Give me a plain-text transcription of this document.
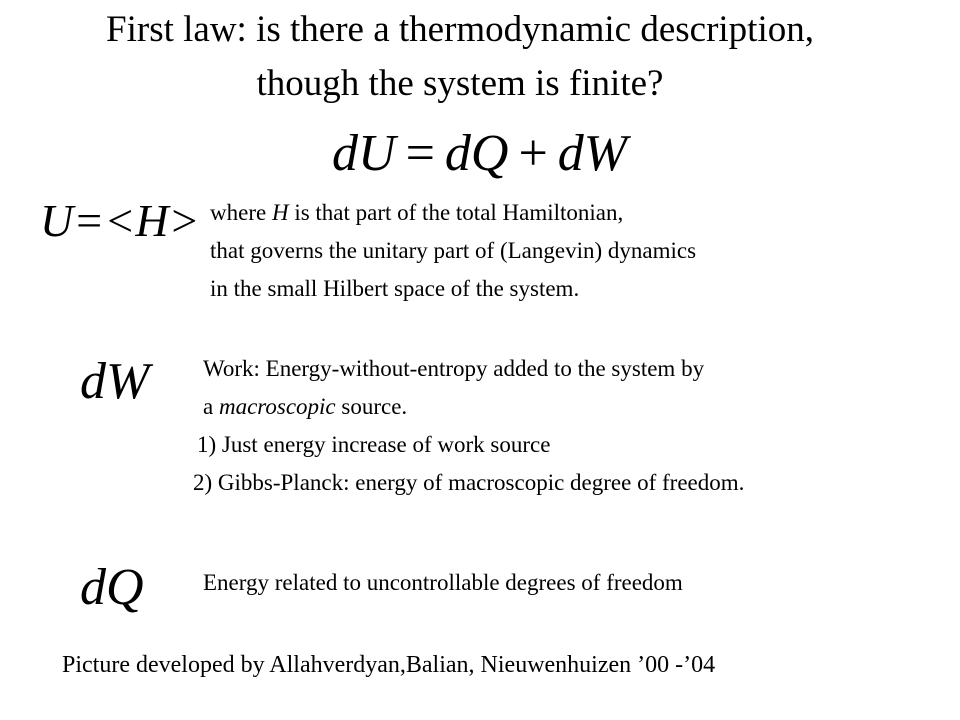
First law: is there a thermodynamic description,
though the system is finite?
dU = dQ + dW
U=<H> where H is that part of the total Hamiltonian,
that governs the unitary part of (Langevin) dynamics
in the small Hilbert space of the system.
dW Work: Energy-without-entropy added to the system by
a macroscopic source.
1) Just energy increase of work source
2) Gibbs-Planck: energy of macroscopic degree of freedom.
dQ	Energy related to uncontrollable degrees of freedom
Picture developed by Allahverdyan,Balian, Nieuwenhuizen ’00 -’04
